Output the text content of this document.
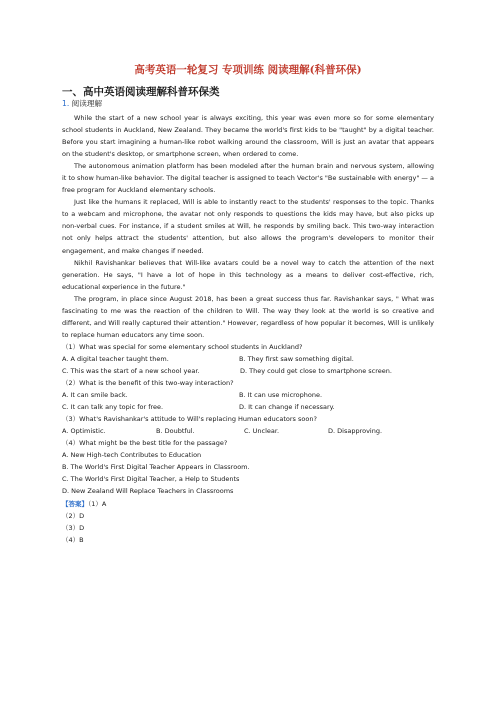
高考英语一轮复习 专项训练 阅读理解(科普环保)
一、高中英语阅读理解科普环保类
1. 阅读理解

While the start of a new school year is always exciting, this year was even more so for some elementary school students in Auckland, New Zealand. They became the world's first kids to be "taught" by a digital teacher. Before you start imagining a human-like robot walking around the classroom, Will is just an avatar that appears on the student's desktop, or smartphone screen, when ordered to come.

The autonomous animation platform has been modeled after the human brain and nervous system, allowing it to show human-like behavior. The digital teacher is assigned to teach Vector's "Be sustainable with energy" — a free program for Auckland elementary schools.

Just like the humans it replaced, Will is able to instantly react to the students' responses to the topic. Thanks to a webcam and microphone, the avatar not only responds to questions the kids may have, but also picks up non-verbal cues. For instance, if a student smiles at Will, he responds by smiling back. This two-way interaction not only helps attract the students' attention, but also allows the program's developers to monitor their engagement, and make changes if needed.

Nikhil Ravishankar believes that Will-like avatars could be a novel way to catch the attention of the next generation. He says, "I have a lot of hope in this technology as a means to deliver cost-effective, rich, educational experience in the future."

The program, in place since August 2018, has been a great success thus far. Ravishankar says, " What was fascinating to me was the reaction of the children to Will. The way they look at the world is so creative and different, and Will really captured their attention." However, regardless of how popular it becomes, Will is unlikely to replace human educators any time soon.

（1）What was special for some elementary school students in Auckland?
A. A digital teacher taught them.	B. They first saw something digital.
C. This was the start of a new school year.	D. They could get close to smartphone screen.
（2）What is the benefit of this two-way interaction?
A. It can smile back.	B. It can use microphone.
C. It can talk any topic for free.	D. It can change if necessary.
（3）What's Ravishankar's attitude to Will's replacing Human educators soon?
A. Optimistic.	B. Doubtful.	C. Unclear.	D. Disapproving.
（4）What might be the best title for the passage?
A. New High-tech Contributes to Education
B. The World's First Digital Teacher Appears in Classroom.
C. The World's First Digital Teacher, a Help to Students
D. New Zealand Will Replace Teachers in Classrooms
【答案】（1）A
（2）D
（3）D
（4）B
